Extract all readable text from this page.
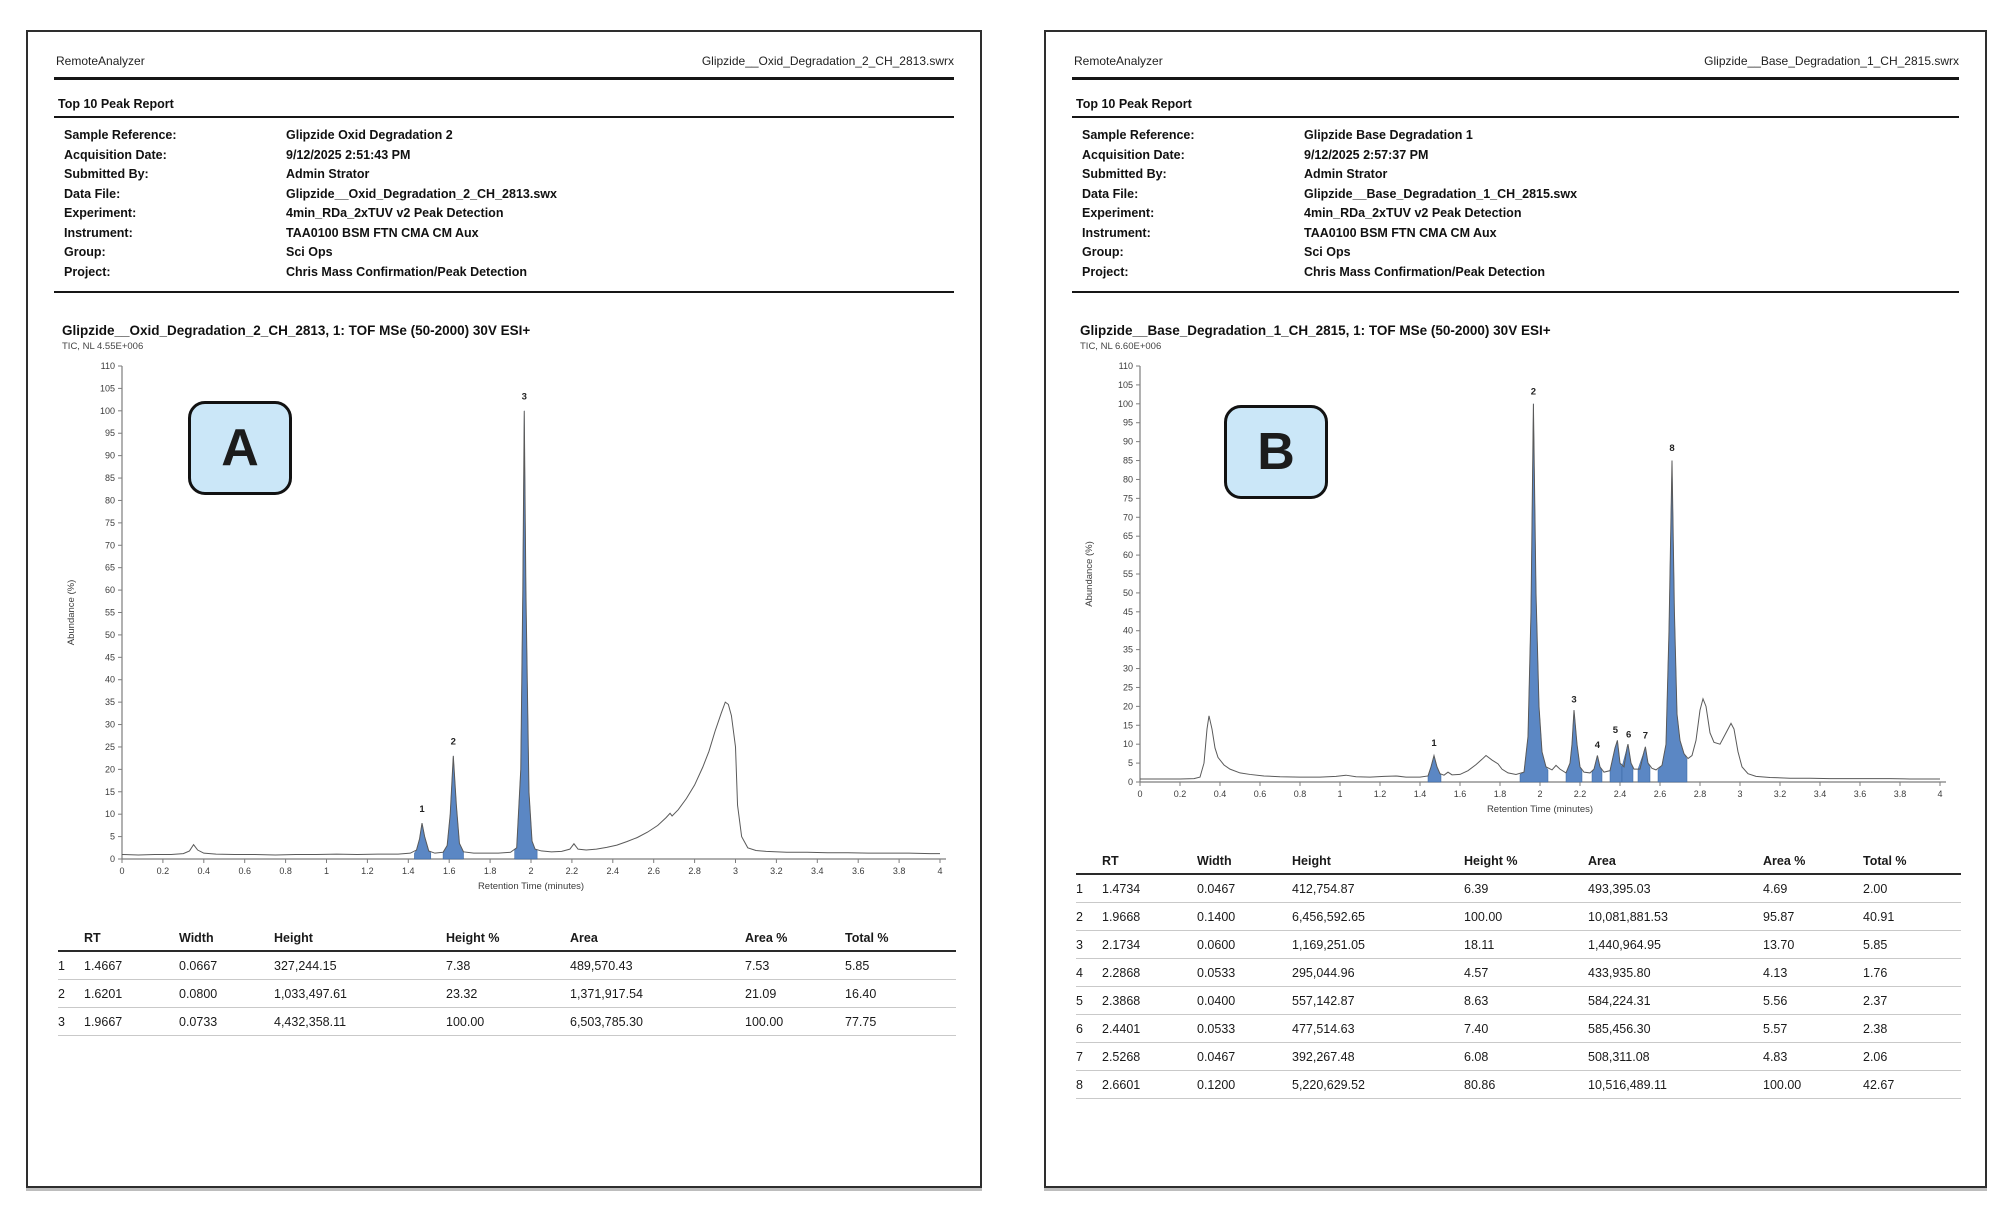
RemoteAnalyzer	Glipzide__Oxid_Degradation_2_CH_2813.swrx
Top 10 Peak Report
Sample Reference:	Glipzide Oxid Degradation 2
Acquisition Date:	9/12/2025 2:51:43 PM
Submitted By:	Admin Strator
Data File:	Glipzide__Oxid_Degradation_2_CH_2813.swx
Experiment:	4min_RDa_2xTUV v2 Peak Detection
Instrument:	TAA0100 BSM FTN CMA CM Aux
Group:	Sci Ops
Project:	Chris Mass Confirmation/Peak Detection
Glipzide__Oxid_Degradation_2_CH_2813, 1: TOF MSe (50-2000) 30V ESI+
TIC, NL 4.55E+006
0
5
10
15
20
25
30
35
40
45
50
55
60
65
70
75
80
85
90
95
100
105
110
0	0.2	0.4	0.6	0.8	1	1.2	1.4	1.6	1.8	2	2.2	2.4	2.6	2.8	3	3.2	3.4	3.6	3.8	4
Retention Time (minutes)
Abundance (%)
1
2
3
A
	RT	Width	Height	Height %	Area	Area %	Total %
1	1.4667	0.0667	327,244.15	7.38	489,570.43	7.53	5.85
2	1.6201	0.0800	1,033,497.61	23.32	1,371,917.54	21.09	16.40
3	1.9667	0.0733	4,432,358.11	100.00	6,503,785.30	100.00	77.75
RemoteAnalyzer	Glipzide__Base_Degradation_1_CH_2815.swrx
Top 10 Peak Report
Sample Reference:	Glipzide Base Degradation 1
Acquisition Date:	9/12/2025 2:57:37 PM
Submitted By:	Admin Strator
Data File:	Glipzide__Base_Degradation_1_CH_2815.swx
Experiment:	4min_RDa_2xTUV v2 Peak Detection
Instrument:	TAA0100 BSM FTN CMA CM Aux
Group:	Sci Ops
Project:	Chris Mass Confirmation/Peak Detection
Glipzide__Base_Degradation_1_CH_2815, 1: TOF MSe (50-2000) 30V ESI+
TIC, NL 6.60E+006
0
5
10
15
20
25
30
35
40
45
50
55
60
65
70
75
80
85
90
95
100
105
110
0	0.2	0.4	0.6	0.8	1	1.2	1.4	1.6	1.8	2	2.2	2.4	2.6	2.8	3	3.2	3.4	3.6	3.8	4
Retention Time (minutes)
Abundance (%)
1
2
3
4
5 6 7
8
B
	RT	Width	Height	Height %	Area	Area %	Total %
1	1.4734	0.0467	412,754.87	6.39	493,395.03	4.69	2.00
2	1.9668	0.1400	6,456,592.65	100.00	10,081,881.53	95.87	40.91
3	2.1734	0.0600	1,169,251.05	18.11	1,440,964.95	13.70	5.85
4	2.2868	0.0533	295,044.96	4.57	433,935.80	4.13	1.76
5	2.3868	0.0400	557,142.87	8.63	584,224.31	5.56	2.37
6	2.4401	0.0533	477,514.63	7.40	585,456.30	5.57	2.38
7	2.5268	0.0467	392,267.48	6.08	508,311.08	4.83	2.06
8	2.6601	0.1200	5,220,629.52	80.86	10,516,489.11	100.00	42.67
